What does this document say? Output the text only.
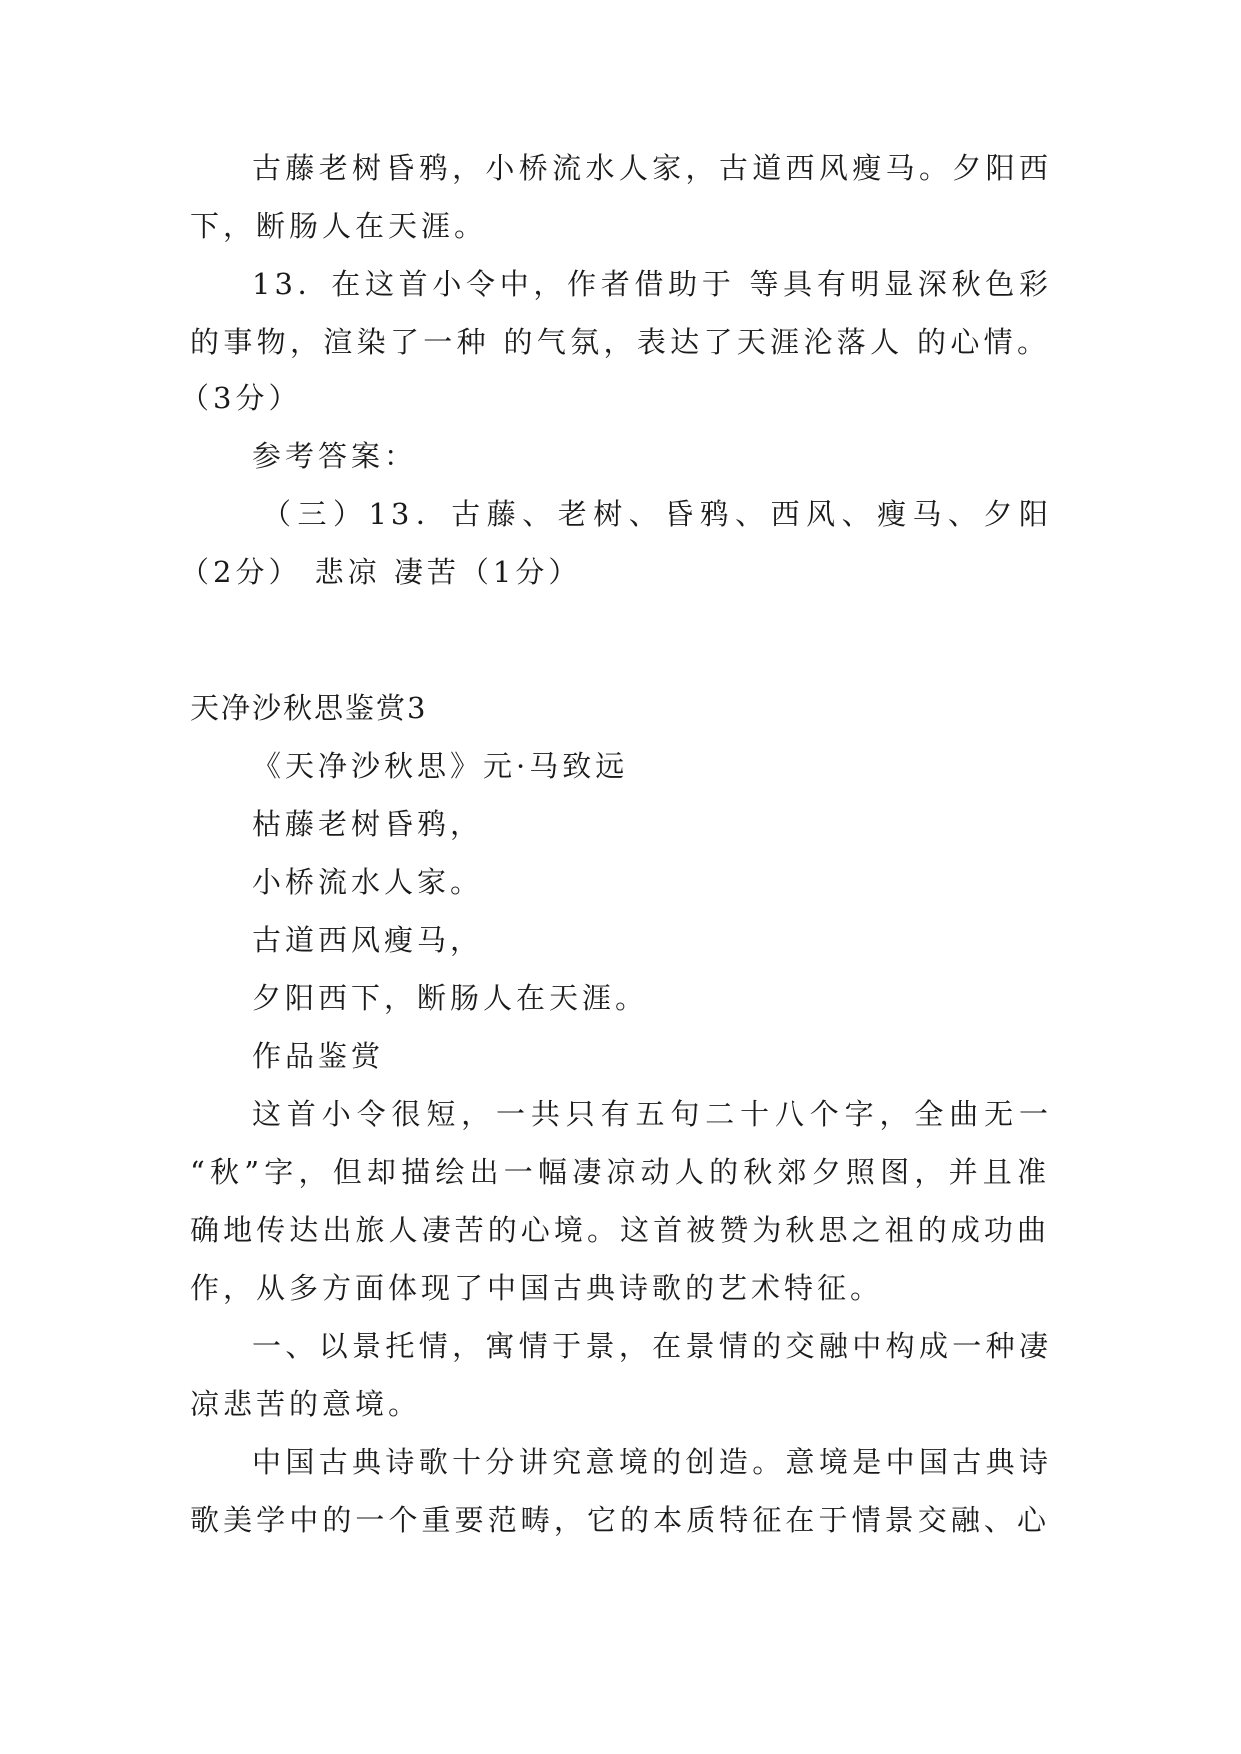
古藤老树昏鸦，小桥流水人家，古道西风瘦马。夕阳西
下，断肠人在天涯。
13．在这首小令中，作者借助于 等具有明显深秋色彩
的事物，渲染了一种 的气氛，表达了天涯沦落人 的心情。
（3分）
参考答案：
（三）13．古藤、老树、昏鸦、西风、瘦马、夕阳
（2分） 悲凉 凄苦（1分）
天净沙秋思鉴赏3
《天净沙秋思》元·马致远
枯藤老树昏鸦，
小桥流水人家。
古道西风瘦马，
夕阳西下，断肠人在天涯。
作品鉴赏
这首小令很短，一共只有五句二十八个字，全曲无一
“秋”字，但却描绘出一幅凄凉动人的秋郊夕照图，并且准
确地传达出旅人凄苦的心境。这首被赞为秋思之祖的成功曲
作，从多方面体现了中国古典诗歌的艺术特征。
一、以景托情，寓情于景，在景情的交融中构成一种凄
凉悲苦的意境。
中国古典诗歌十分讲究意境的创造。意境是中国古典诗
歌美学中的一个重要范畴，它的本质特征在于情景交融、心
